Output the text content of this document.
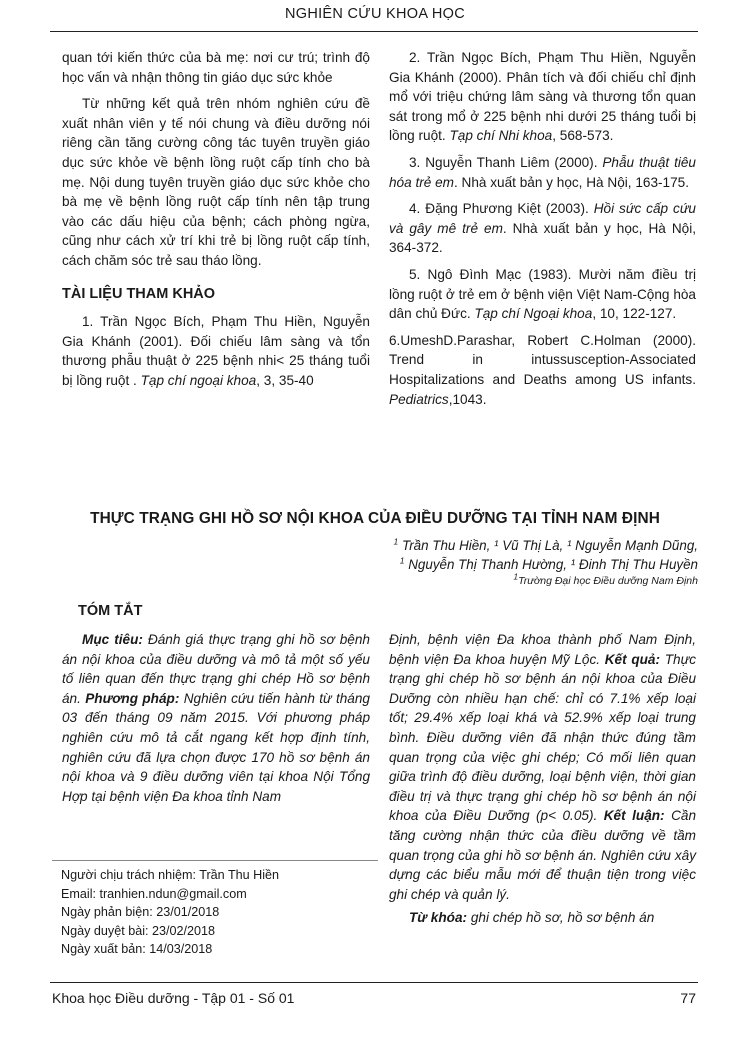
NGHIÊN CỨU KHOA HỌC

quan tới kiến thức của bà mẹ: nơi cư trú; trình độ học vấn và nhận thông tin giáo dục sức khỏe

Từ những kết quả trên nhóm nghiên cứu đề xuất nhân viên y tế nói chung và điều dưỡng nói riêng cần tăng cường công tác tuyên truyền giáo dục sức khỏe về bệnh lồng ruột cấp tính cho bà mẹ. Nội dung tuyên truyền giáo dục sức khỏe cho bà mẹ về bệnh lồng ruột cấp tính nên tập trung vào các dấu hiệu của bệnh; cách phòng ngừa, cũng như cách xử trí khi trẻ bị lồng ruột cấp tính, cách chăm sóc trẻ sau tháo lồng.

TÀI LIỆU THAM KHẢO

1. Trần Ngọc Bích, Phạm Thu Hiền, Nguyễn Gia Khánh (2001). Đối chiếu lâm sàng và tổn thương phẫu thuật ở 225 bệnh nhi< 25 tháng tuổi bị lồng ruột . Tạp chí ngoại khoa, 3, 35-40

2. Trần Ngọc Bích, Phạm Thu Hiền, Nguyễn Gia Khánh (2000). Phân tích và đối chiếu chỉ định mổ với triệu chứng lâm sàng và thương tổn quan sát trong mổ ở 225 bệnh nhi dưới 25 tháng tuổi bị lồng ruột. Tạp chí Nhi khoa, 568-573.

3. Nguyễn Thanh Liêm (2000). Phẫu thuật tiêu hóa trẻ em. Nhà xuất bản y học, Hà Nội, 163-175.

4. Đặng Phương Kiệt (2003). Hồi sức cấp cứu và gây mê trẻ em. Nhà xuất bản y học, Hà Nội, 364-372.

5. Ngô Đình Mạc (1983). Mười năm điều trị lồng ruột ở trẻ em ở bệnh viện Việt Nam-Cộng hòa dân chủ Đức. Tạp chí Ngoại khoa, 10, 122-127.

6.UmeshD.Parashar, Robert C.Holman (2000). Trend in intussusception-Associated Hospitalizations and Deaths among US infants. Pediatrics,1043.

THỰC TRẠNG GHI HỒ SƠ NỘI KHOA CỦA ĐIỀU DƯỠNG TẠI TỈNH NAM ĐỊNH
$^1$ Trần Thu Hiền, ¹ Vũ Thị Là, ¹ Nguyễn Mạnh Dũng,
$^1$ Nguyễn Thị Thanh Hường, ¹ Đinh Thị Thu Huyền
$^1$Trường Đại học Điều dưỡng Nam Định
TÓM TẮT

Mục tiêu: Đánh giá thực trạng ghi hồ sơ bệnh án nội khoa của điều dưỡng và mô tả một số yếu tố liên quan đến thực trạng ghi chép Hồ sơ bệnh án. Phương pháp: Nghiên cứu tiến hành từ tháng 03 đến tháng 09 năm 2015. Với phương pháp nghiên cứu mô tả cắt ngang kết hợp định tính, nghiên cứu đã lựa chọn được 170 hồ sơ bệnh án nội khoa và 9 điều dưỡng viên tại khoa Nội Tổng Hợp tại bệnh viện Đa khoa tỉnh Nam

Định, bệnh viện Đa khoa thành phố Nam Định, bệnh viện Đa khoa huyện Mỹ Lộc. Kết quả: Thực trạng ghi chép hồ sơ bệnh án nội khoa của Điều Dưỡng còn nhiều hạn chế: chỉ có 7.1% xếp loại tốt; 29.4% xếp loại khá và 52.9% xếp loại trung bình. Điều dưỡng viên đã nhận thức đúng tầm quan trọng của việc ghi chép; Có mối liên quan giữa trình độ điều dưỡng, loại bệnh viện, thời gian điều trị và thực trạng ghi chép hồ sơ bệnh án nội khoa của Điều Dưỡng (p< 0.05). Kết luận: Cần tăng cường nhận thức của điều dưỡng về tầm quan trọng của ghi hồ sơ bệnh án. Nghiên cứu xây dựng các biểu mẫu mới để thuận tiện trong việc ghi chép và quản lý.

Từ khóa: ghi chép hồ sơ, hồ sơ bệnh án

Người chịu trách nhiệm: Trần Thu Hiền
Email: tranhien.ndun@gmail.com
Ngày phản biện: 23/01/2018
Ngày duyệt bài: 23/02/2018
Ngày xuất bản: 14/03/2018
Khoa học Điều dưỡng - Tập 01 - Số 01	77
